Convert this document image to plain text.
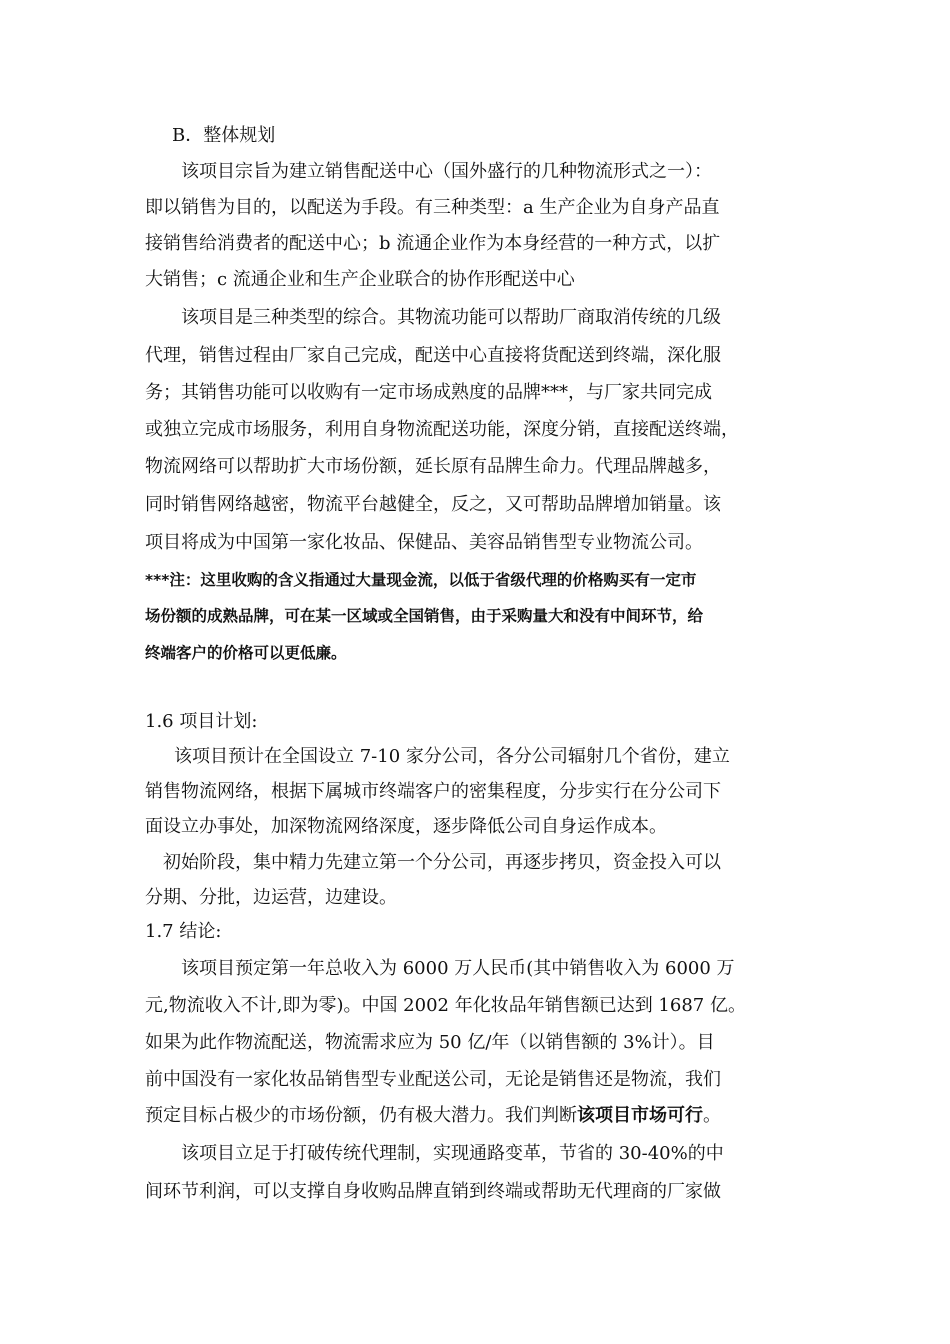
B．整体规划
该项目宗旨为建立销售配送中心（国外盛行的几种物流形式之一）：
即以销售为目的，以配送为手段。有三种类型：a 生产企业为自身产品直
接销售给消费者的配送中心；b 流通企业作为本身经营的一种方式，以扩
大销售；c 流通企业和生产企业联合的协作形配送中心
该项目是三种类型的综合。其物流功能可以帮助厂商取消传统的几级
代理，销售过程由厂家自己完成，配送中心直接将货配送到终端，深化服
务；其销售功能可以收购有一定市场成熟度的品牌***，与厂家共同完成
或独立完成市场服务，利用自身物流配送功能，深度分销，直接配送终端，
物流网络可以帮助扩大市场份额，延长原有品牌生命力。代理品牌越多，
同时销售网络越密，物流平台越健全，反之，又可帮助品牌增加销量。该
项目将成为中国第一家化妆品、保健品、美容品销售型专业物流公司。
***注：这里收购的含义指通过大量现金流，以低于省级代理的价格购买有一定市
场份额的成熟品牌，可在某一区域或全国销售，由于采购量大和没有中间环节，给
终端客户的价格可以更低廉。
1.6 项目计划:
该项目预计在全国设立 7-10 家分公司，各分公司辐射几个省份，建立
销售物流网络，根据下属城市终端客户的密集程度，分步实行在分公司下
面设立办事处，加深物流网络深度，逐步降低公司自身运作成本。
初始阶段，集中精力先建立第一个分公司，再逐步拷贝，资金投入可以
分期、分批，边运营，边建设。
1.7 结论:
该项目预定第一年总收入为 6000 万人民币(其中销售收入为 6000 万
元,物流收入不计,即为零)。中国 2002 年化妆品年销售额已达到 1687 亿。
如果为此作物流配送，物流需求应为 50 亿/年（以销售额的 3%计）。目
前中国没有一家化妆品销售型专业配送公司，无论是销售还是物流，我们
预定目标占极少的市场份额，仍有极大潜力。我们判断该项目市场可行。
该项目立足于打破传统代理制，实现通路变革，节省的 30-40%的中
间环节利润，可以支撑自身收购品牌直销到终端或帮助无代理商的厂家做
